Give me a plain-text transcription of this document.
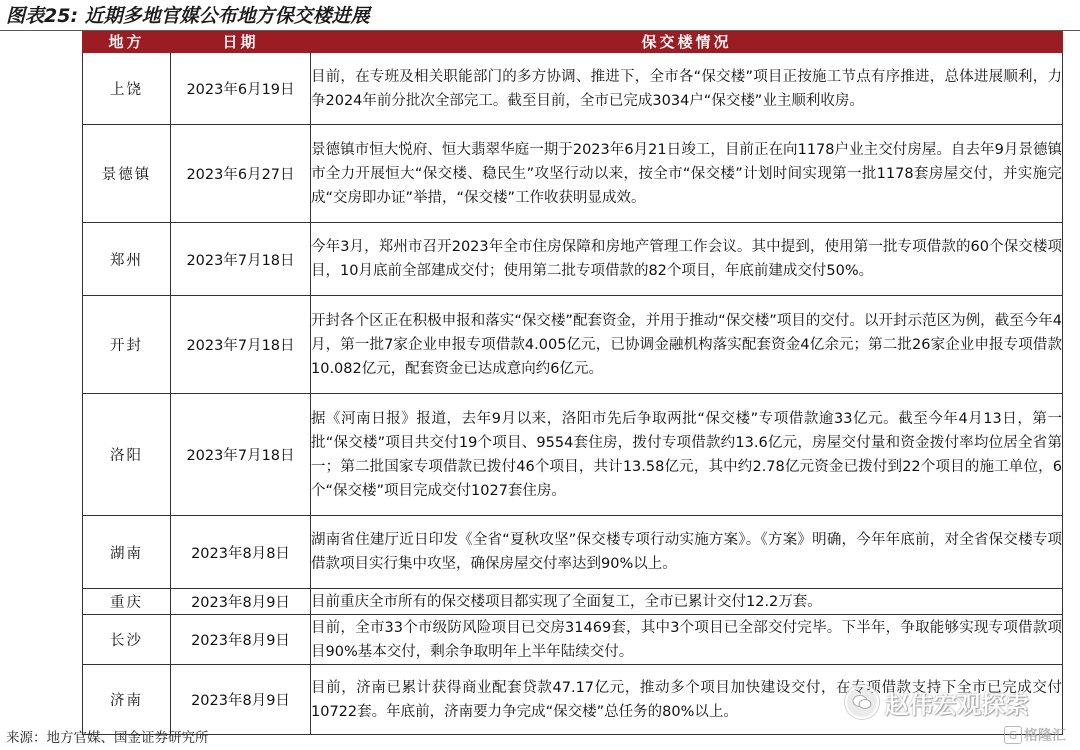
图表25: 近期多地官媒公布地方保交楼进展
地方	日期	保交楼情况
上饶	2023年6月19日	目前，在专班及相关职能部门的多方协调、推进下，全市各“保交楼”项目正按施工节点有序推进，总体进展顺利，力争2024年前分批次全部完工。截至目前，全市已完成3034户“保交楼”业主顺利收房。
景德镇	2023年6月27日	景德镇市恒大悦府、恒大翡翠华庭一期于2023年6月21日竣工，目前正在向1178户业主交付房屋。自去年9月景德镇市全力开展恒大“保交楼、稳民生”攻坚行动以来，按全市“保交楼”计划时间实现第一批1178套房屋交付，并实施完成“交房即办证”举措，“保交楼”工作收获明显成效。
郑州	2023年7月18日	今年3月，郑州市召开2023年全市住房保障和房地产管理工作会议。其中提到，使用第一批专项借款的60个保交楼项目，10月底前全部建成交付；使用第二批专项借款的82个项目，年底前建成交付50%。
开封	2023年7月18日	开封各个区正在积极申报和落实“保交楼”配套资金，并用于推动“保交楼”项目的交付。以开封示范区为例，截至今年4月，第一批7家企业申报专项借款4.005亿元，已协调金融机构落实配套资金4亿余元；第二批26家企业申报专项借款10.082亿元，配套资金已达成意向约6亿元。
洛阳	2023年7月18日	据《河南日报》报道，去年9月以来，洛阳市先后争取两批“保交楼”专项借款逾33亿元。截至今年4月13日，第一批“保交楼”项目共交付19个项目、9554套住房，拨付专项借款约13.6亿元，房屋交付量和资金拨付率均位居全省第一；第二批国家专项借款已拨付46个项目，共计13.58亿元，其中约2.78亿元资金已拨付到22个项目的施工单位，6个“保交楼”项目完成交付1027套住房。
湖南	2023年8月8日	湖南省住建厅近日印发《全省“夏秋攻坚”保交楼专项行动实施方案》。《方案》明确，今年年底前，对全省保交楼专项借款项目实行集中攻坚，确保房屋交付率达到90%以上。
重庆	2023年8月9日	目前重庆全市所有的保交楼项目都实现了全面复工，全市已累计交付12.2万套。
长沙	2023年8月9日	目前，全市33个市级防风险项目已交房31469套，其中3个项目已全部交付完毕。下半年，争取能够实现专项借款项目90%基本交付，剩余争取明年上半年陆续交付。
济南	2023年8月9日	目前，济南已累计获得商业配套贷款47.17亿元，推动多个项目加快建设交付，在专项借款支持下全市已完成交付10722套。年底前，济南要力争完成“保交楼”总任务的80%以上。
来源：地方官媒、国金证券研究所
赵伟宏观探索
G 格隆汇
